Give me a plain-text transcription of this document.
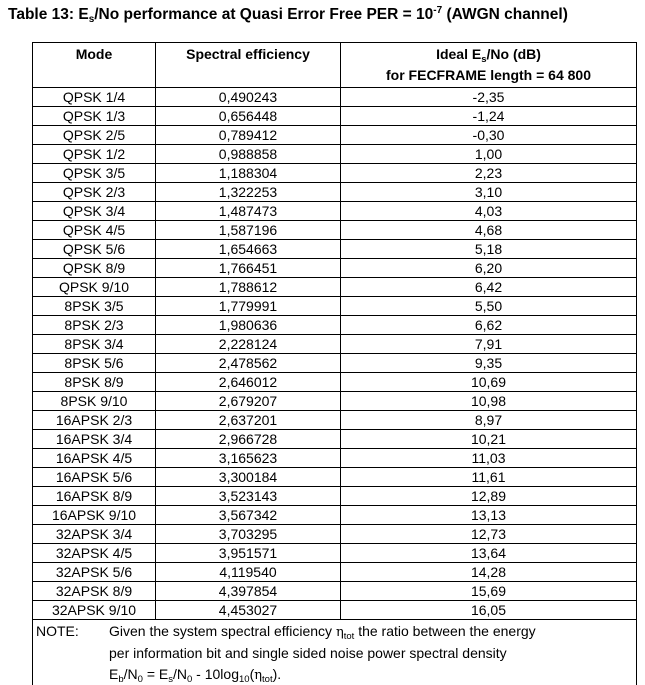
Table 13: $E_s/No$ performance at Quasi Error Free PER = $10^{-7}$ (AWGN channel)
Mode	Spectral efficiency	Ideal $E_s/No$ (dB)
for FECFRAME length = 64 800
QPSK 1/4	0,490243	-2,35
QPSK 1/3	0,656448	-1,24
QPSK 2/5	0,789412	-0,30
QPSK 1/2	0,988858	1,00
QPSK 3/5	1,188304	2,23
QPSK 2/3	1,322253	3,10
QPSK 3/4	1,487473	4,03
QPSK 4/5	1,587196	4,68
QPSK 5/6	1,654663	5,18
QPSK 8/9	1,766451	6,20
QPSK 9/10	1,788612	6,42
8PSK 3/5	1,779991	5,50
8PSK 2/3	1,980636	6,62
8PSK 3/4	2,228124	7,91
8PSK 5/6	2,478562	9,35
8PSK 8/9	2,646012	10,69
8PSK 9/10	2,679207	10,98
16APSK 2/3	2,637201	8,97
16APSK 3/4	2,966728	10,21
16APSK 4/5	3,165623	11,03
16APSK 5/6	3,300184	11,61
16APSK 8/9	3,523143	12,89
16APSK 9/10	3,567342	13,13
32APSK 3/4	3,703295	12,73
32APSK 4/5	3,951571	13,64
32APSK 5/6	4,119540	14,28
32APSK 8/9	4,397854	15,69
32APSK 9/10	4,453027	16,05

NOTE: Given the system spectral efficiency $\eta_{tot}$ the ratio between the energy
per information bit and single sided noise power spectral density
$E_b/N_0 = E_s/N_0 - 10\log_{10}(\eta_{tot})$.		
